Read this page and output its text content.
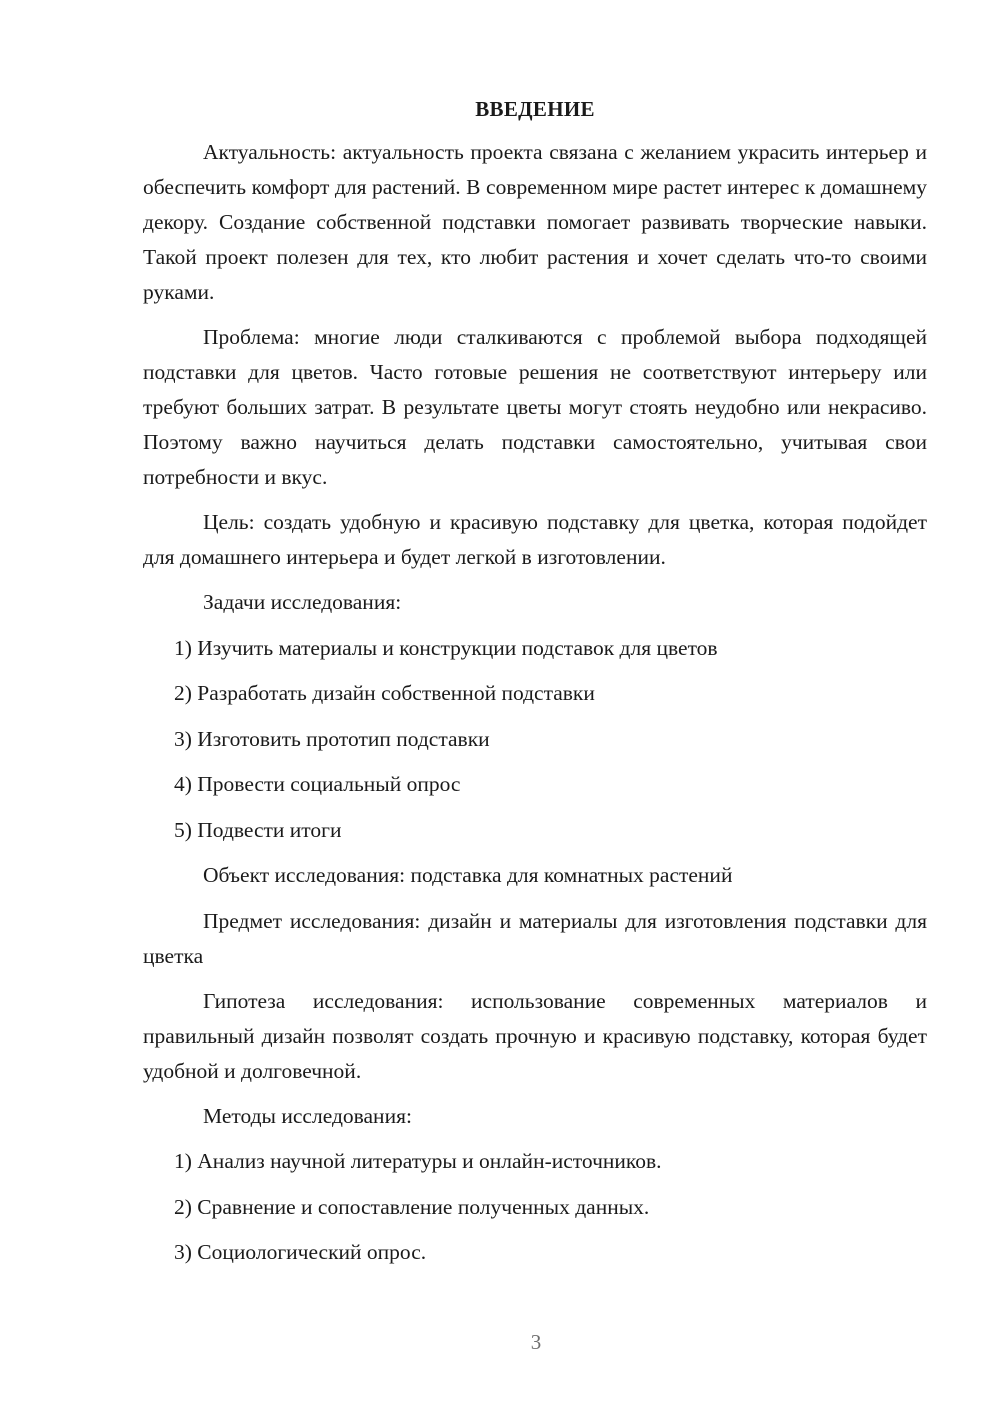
ВВЕДЕНИЕ

Актуальность: актуальность проекта связана с желанием украсить интерьер и обеспечить комфорт для растений. В современном мире растет интерес к домашнему декору. Создание собственной подставки помогает развивать творческие навыки. Такой проект полезен для тех, кто любит растения и хочет сделать что-то своими руками.

Проблема: многие люди сталкиваются с проблемой выбора подходящей подставки для цветов. Часто готовые решения не соответствуют интерьеру или требуют больших затрат. В результате цветы могут стоять неудобно или некрасиво. Поэтому важно научиться делать подставки самостоятельно, учитывая свои потребности и вкус.

Цель: создать удобную и красивую подставку для цветка, которая подойдет для домашнего интерьера и будет легкой в изготовлении.

Задачи исследования:
1) Изучить материалы и конструкции подставок для цветов
2) Разработать дизайн собственной подставки
3) Изготовить прототип подставки
4) Провести социальный опрос
5) Подвести итоги
Объект исследования: подставка для комнатных растений

Предмет исследования: дизайн и материалы для изготовления подставки для цветка

Гипотеза исследования: использование современных материалов и правильный дизайн позволят создать прочную и красивую подставку, которая будет удобной и долговечной.

Методы исследования:
1) Анализ научной литературы и онлайн-источников.
2) Сравнение и сопоставление полученных данных.
3) Социологический опрос.
3
